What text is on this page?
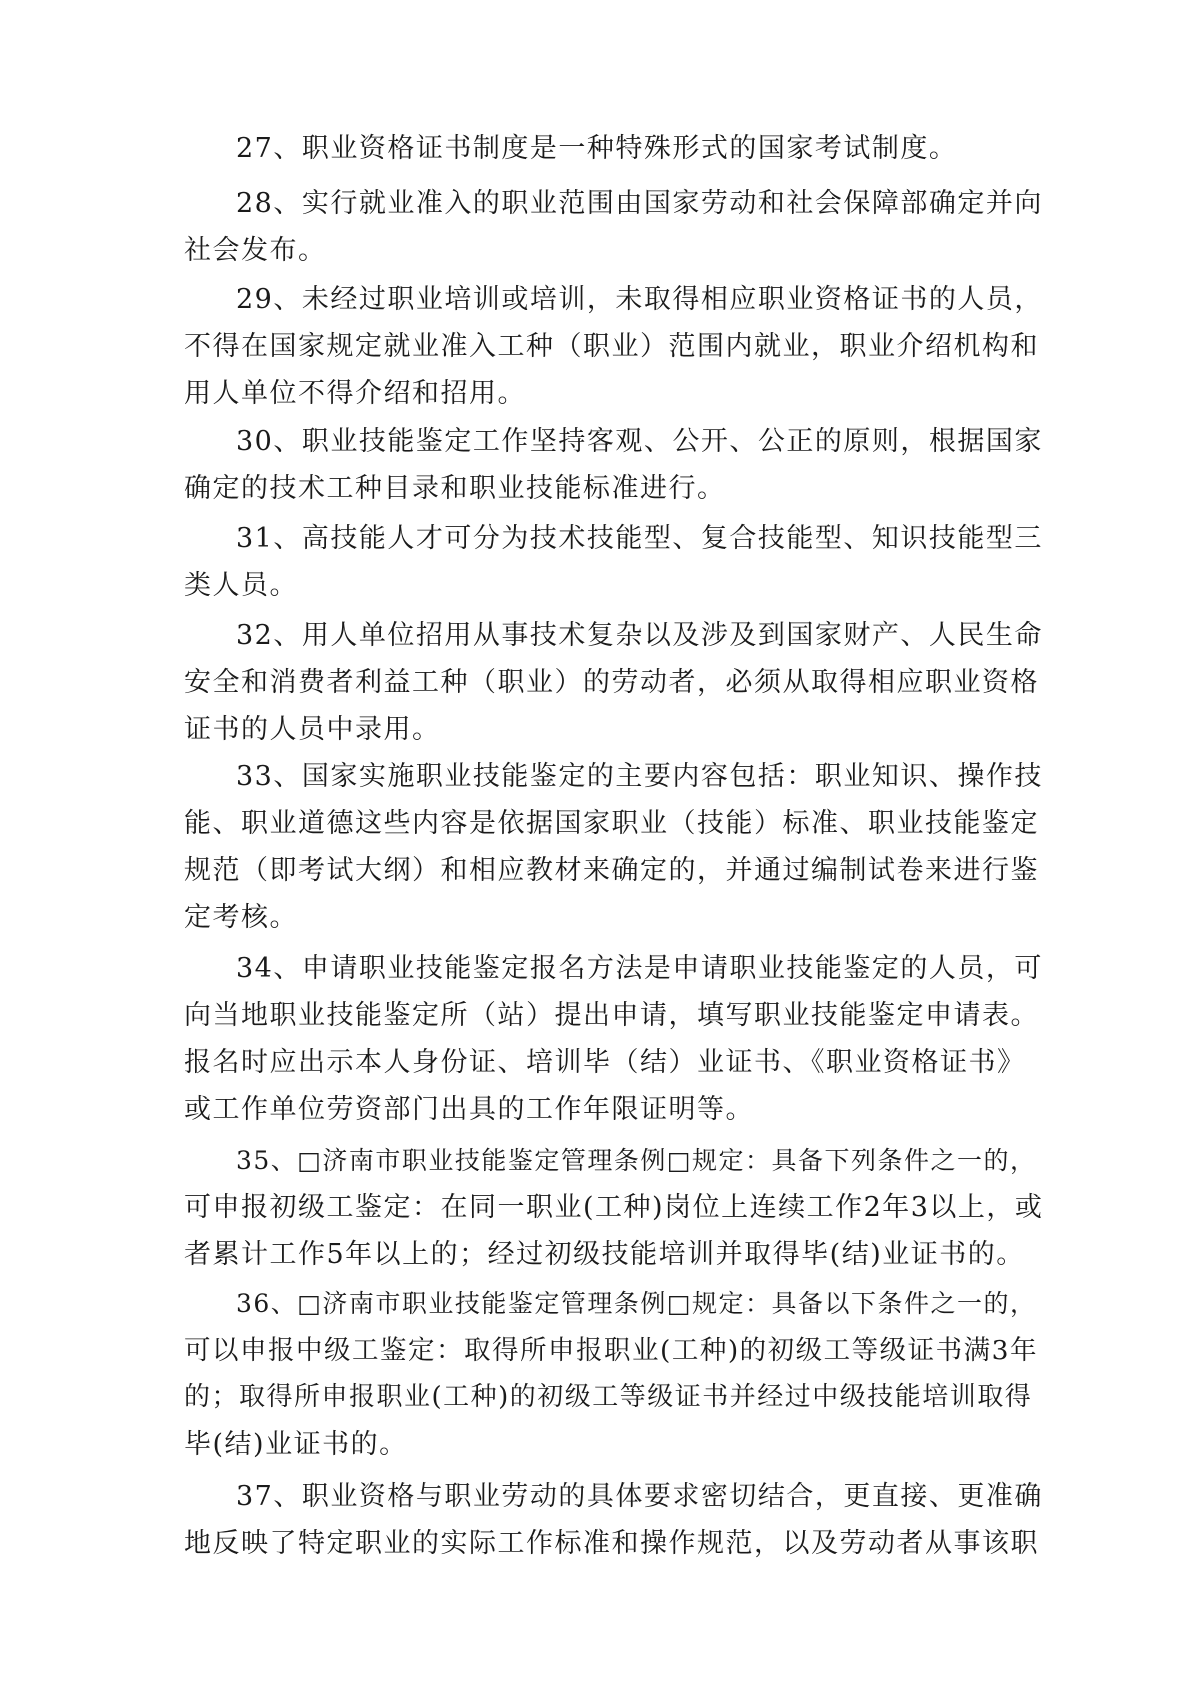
27、职业资格证书制度是一种特殊形式的国家考试制度。
28、实行就业准入的职业范围由国家劳动和社会保障部确定并向
社会发布。
29、未经过职业培训或培训，未取得相应职业资格证书的人员，
不得在国家规定就业准入工种（职业）范围内就业，职业介绍机构和
用人单位不得介绍和招用。
30、职业技能鉴定工作坚持客观、公开、公正的原则，根据国家
确定的技术工种目录和职业技能标准进行。
31、高技能人才可分为技术技能型、复合技能型、知识技能型三
类人员。
32、用人单位招用从事技术复杂以及涉及到国家财产、人民生命
安全和消费者利益工种（职业）的劳动者，必须从取得相应职业资格
证书的人员中录用。
33、国家实施职业技能鉴定的主要内容包括：职业知识、操作技
能、职业道德这些内容是依据国家职业（技能）标准、职业技能鉴定
规范（即考试大纲）和相应教材来确定的，并通过编制试卷来进行鉴
定考核。
34、申请职业技能鉴定报名方法是申请职业技能鉴定的人员，可
向当地职业技能鉴定所（站）提出申请，填写职业技能鉴定申请表。
报名时应出示本人身份证、培训毕（结）业证书、《职业资格证书》
或工作单位劳资部门出具的工作年限证明等。
35、□济南市职业技能鉴定管理条例□规定：具备下列条件之一的，
可申报初级工鉴定：在同一职业(工种)岗位上连续工作2年3以上，或
者累计工作5年以上的；经过初级技能培训并取得毕(结)业证书的。
36、□济南市职业技能鉴定管理条例□规定：具备以下条件之一的，
可以申报中级工鉴定：取得所申报职业(工种)的初级工等级证书满3年
的；取得所申报职业(工种)的初级工等级证书并经过中级技能培训取得
毕(结)业证书的。
37、职业资格与职业劳动的具体要求密切结合，更直接、更准确
地反映了特定职业的实际工作标准和操作规范，以及劳动者从事该职
